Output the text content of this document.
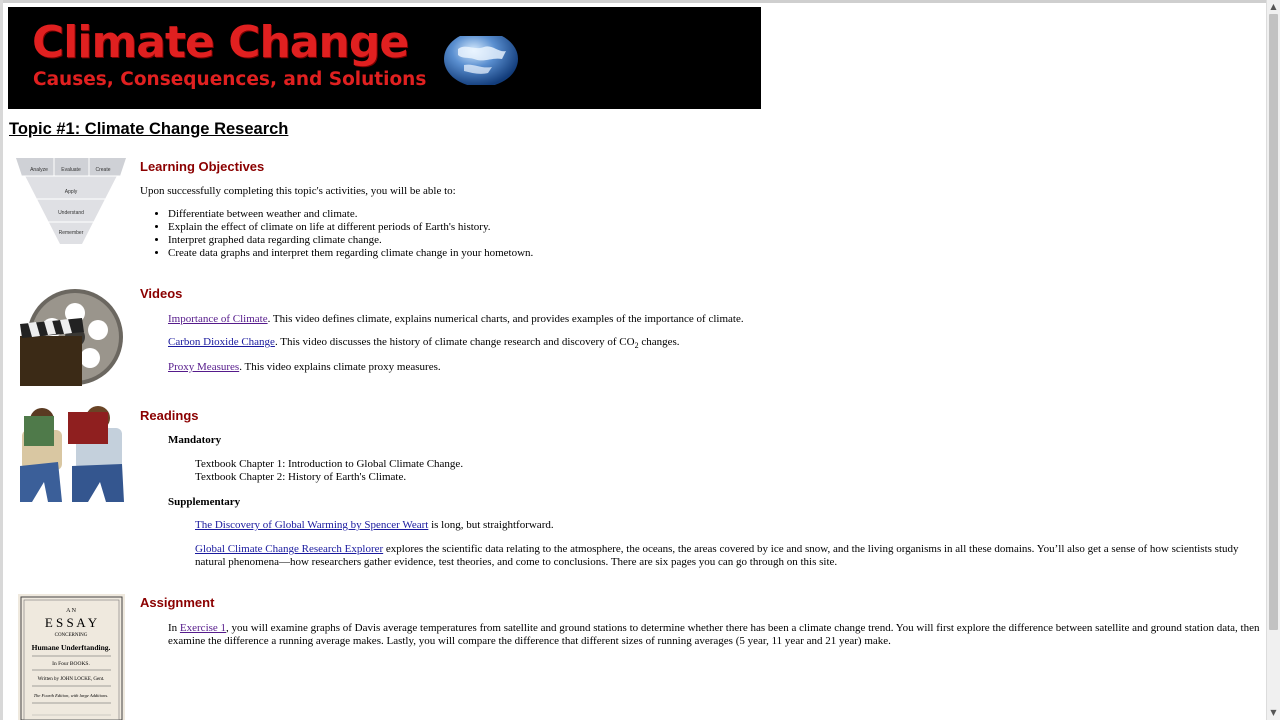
Climate Change
Causes, Consequences, and Solutions
Topic #1: Climate Change Research
Analyze	Evaluate	Create
Apply
Understand
Remember
Learning Objectives
Upon successfully completing this topic's activities, you will be able to:
• Differentiate between weather and climate.
• Explain the effect of climate on life at different periods of Earth's history.
• Interpret graphed data regarding climate change.
• Create data graphs and interpret them regarding climate change in your hometown.
Videos
Importance of Climate. This video defines climate, explains numerical charts, and provides examples of the importance of climate.
Carbon Dioxide Change. This video discusses the history of climate change research and discovery of $CO_2$ changes.
Proxy Measures. This video explains climate proxy measures.
Readings
Mandatory
Textbook Chapter 1: Introduction to Global Climate Change.
Textbook Chapter 2: History of Earth's Climate.
Supplementary
The Discovery of Global Warming by Spencer Weart is long, but straightforward.
Global Climate Change Research Explorer explores the scientific data relating to the atmosphere, the oceans, the areas covered by ice and snow, and the living organisms in all these domains. You’ll also get a sense of how scientists study
natural phenomena—how researchers gather evidence, test theories, and come to conclusions. There are six pages you can go through on this site.
A N
E S S A Y
CONCERNING
Humane Underftanding.
In Four BOOKS.
Written by JOHN LOCKE, Gent.
The Fourth Edition, with large Additions.
Assignment
In Exercise 1, you will examine graphs of Davis average temperatures from satellite and ground stations to determine whether there has been a climate change trend. You will first explore the difference between satellite and ground station data, then
examine the difference a running average makes. Lastly, you will compare the difference that different sizes of running averages (5 year, 11 year and 21 year) make.
▲
▼
